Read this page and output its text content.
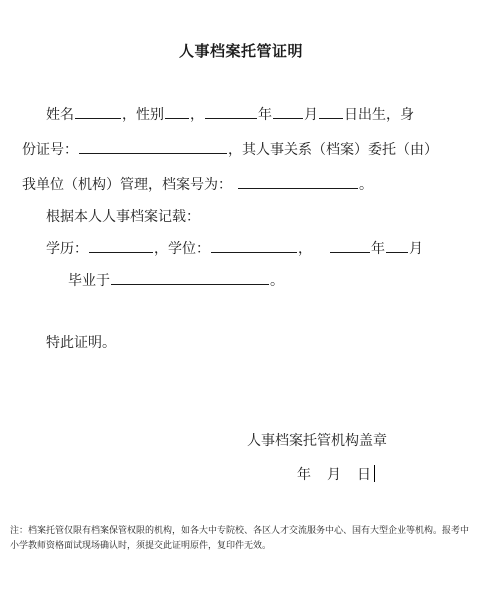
人事档案托管证明
姓名	，性别 ，	年 月 日出生，身
份证号：	，其人事关系（档案）委托（由）
我单位（机构）管理，档案号为：	。
根据本人人事档案记载：
学历：	，学位：	，	年 月
毕业于	。
特此证明。
人事档案托管机构盖章
年 月 日
注：档案托管仅限有档案保管权限的机构，如各大中专院校、各区人才交流服务中心、国有大型企业等机构。报考中小学教师资格面试现场确认时，须提交此证明原件，复印件无效。
